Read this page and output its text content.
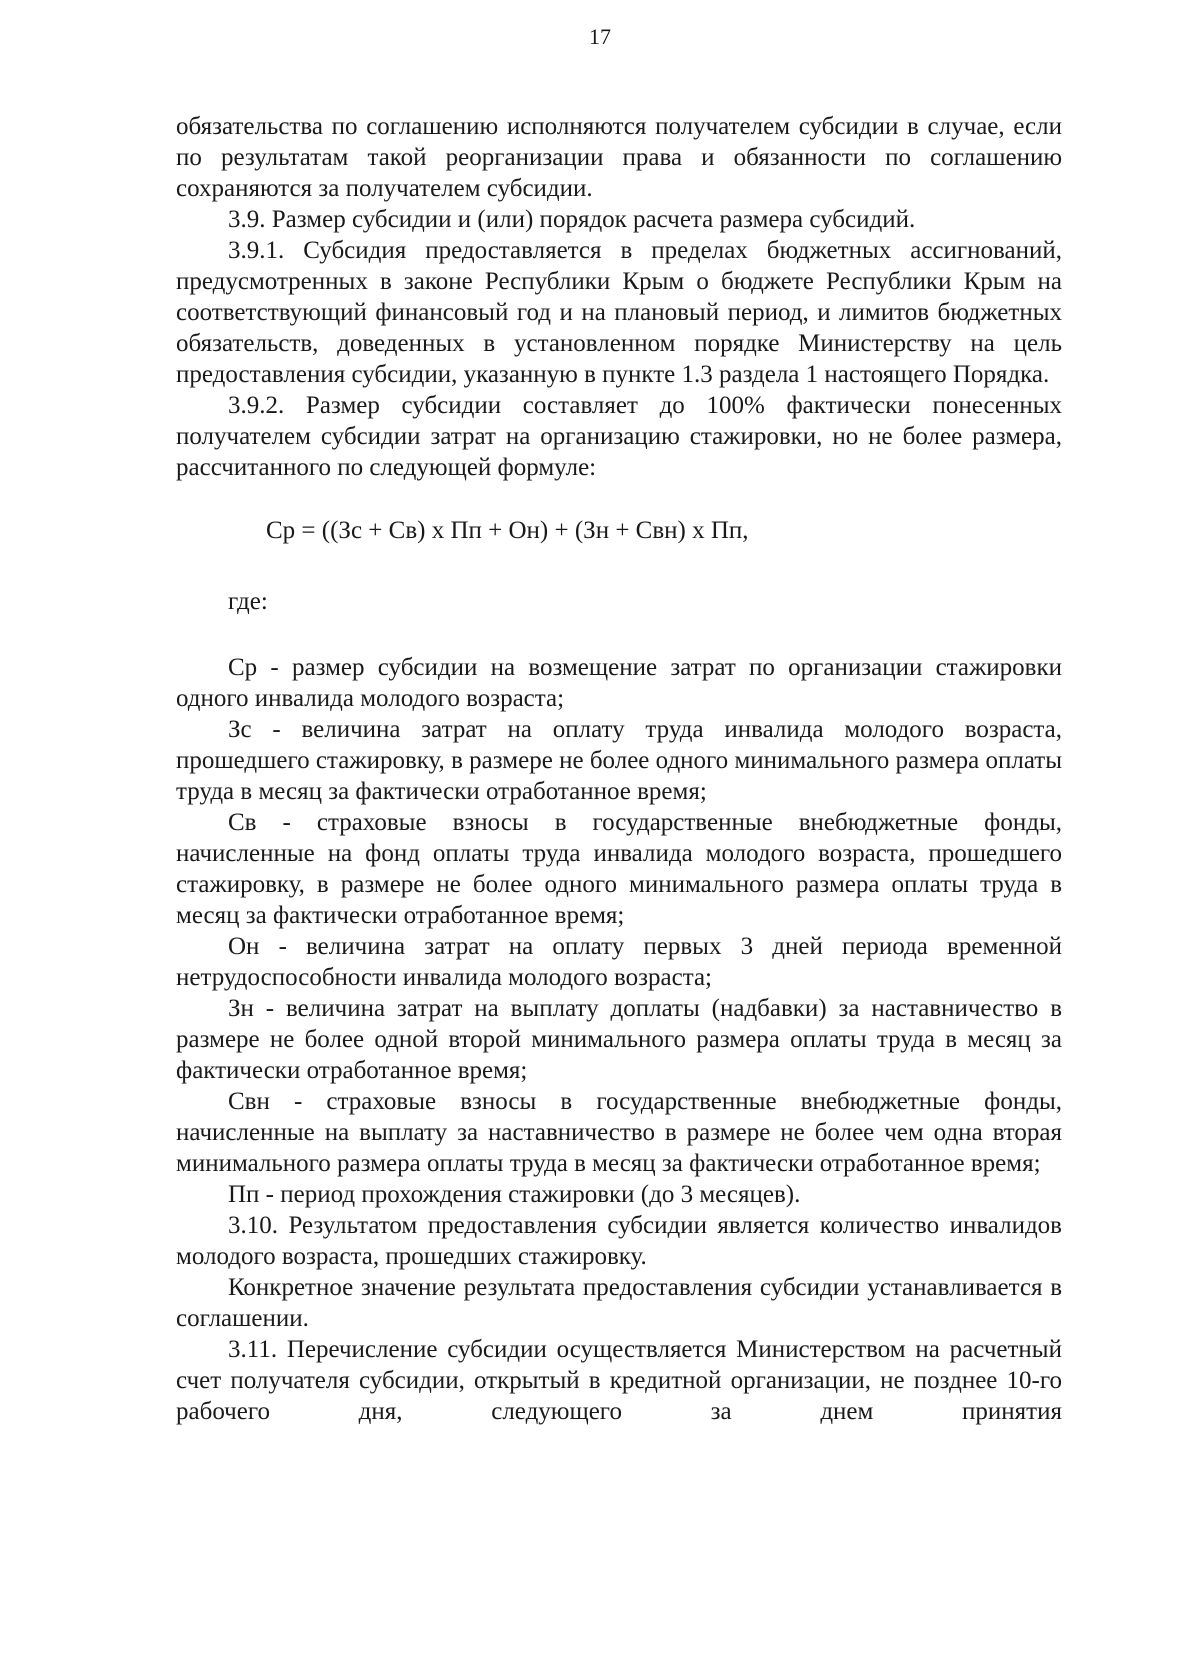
17

обязательства по соглашению исполняются получателем субсидии в случае, если по результатам такой реорганизации права и обязанности по соглашению сохраняются за получателем субсидии.

3.9. Размер субсидии и (или) порядок расчета размера субсидий.

3.9.1. Субсидия предоставляется в пределах бюджетных ассигнований, предусмотренных в законе Республики Крым о бюджете Республики Крым на соответствующий финансовый год и на плановый период, и лимитов бюджетных обязательств, доведенных в установленном порядке Министерству на цель предоставления субсидии, указанную в пункте 1.3 раздела 1 настоящего Порядка.

3.9.2. Размер субсидии составляет до 100% фактически понесенных получателем субсидии затрат на организацию стажировки, но не более размера, рассчитанного по следующей формуле:

Ср = ((Зс + Св) х Пп + Он) + (Зн + Свн) х Пп,

где:

Ср - размер субсидии на возмещение затрат по организации стажировки одного инвалида молодого возраста;

Зс - величина затрат на оплату труда инвалида молодого возраста, прошедшего стажировку, в размере не более одного минимального размера оплаты труда в месяц за фактически отработанное время;

Св - страховые взносы в государственные внебюджетные фонды, начисленные на фонд оплаты труда инвалида молодого возраста, прошедшего стажировку, в размере не более одного минимального размера оплаты труда в месяц за фактически отработанное время;

Он - величина затрат на оплату первых 3 дней периода временной нетрудоспособности инвалида молодого возраста;

Зн - величина затрат на выплату доплаты (надбавки) за наставничество в размере не более одной второй минимального размера оплаты труда в месяц за фактически отработанное время;

Свн - страховые взносы в государственные внебюджетные фонды, начисленные на выплату за наставничество в размере не более чем одна вторая минимального размера оплаты труда в месяц за фактически отработанное время;

Пп - период прохождения стажировки (до 3 месяцев).

3.10. Результатом предоставления субсидии является количество инвалидов молодого возраста, прошедших стажировку.

Конкретное значение результата предоставления субсидии устанавливается в соглашении.

3.11. Перечисление субсидии осуществляется Министерством на расчетный счет получателя субсидии, открытый в кредитной организации, не позднее 10-го рабочего дня, следующего за днем принятия
